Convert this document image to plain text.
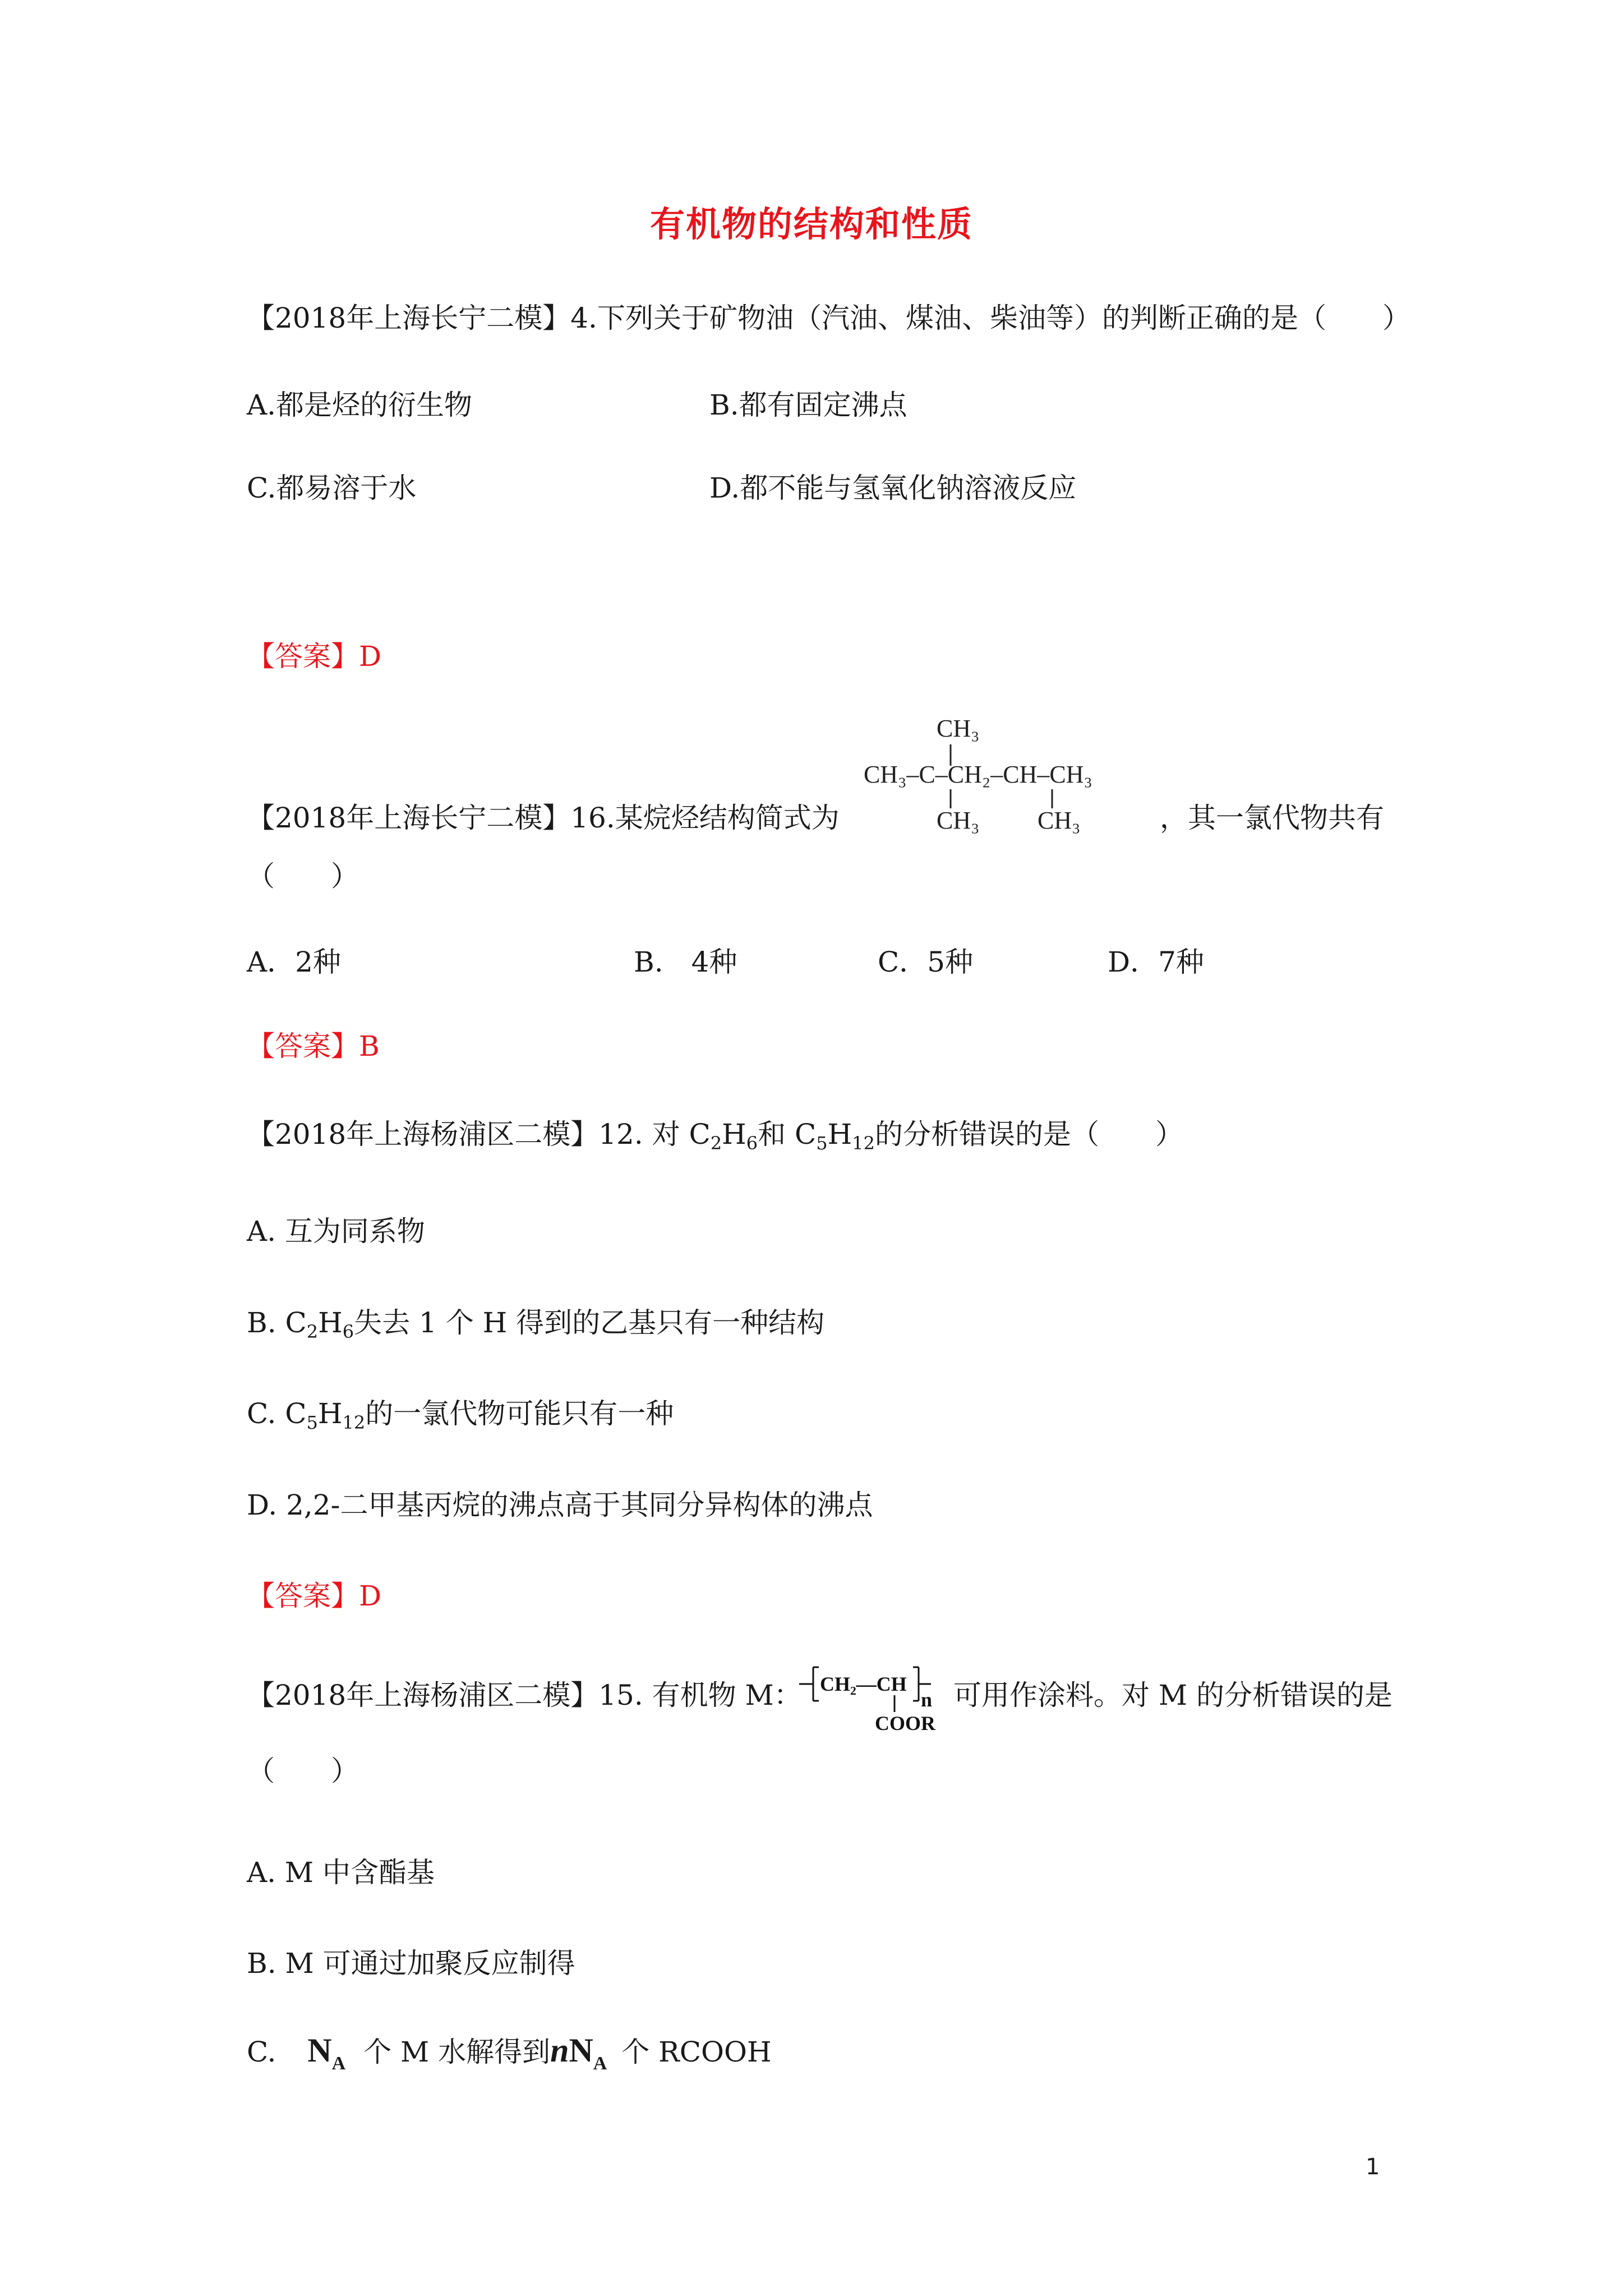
有机物的结构和性质
【2018年上海长宁二模】4.下列关于矿物油（汽油、煤油、柴油等）的判断正确的是（　　）
A.都是烃的衍生物	B.都有固定沸点
C.都易溶于水	D.都不能与氢氧化钠溶液反应
【答案】D
【2018年上海长宁二模】16.某烷烃结构简式为
CH₃
CH₃–C–CH₂–CH–CH₃
CH₃ CH₃	，其一氯代物共有
（　　）
A．2种	B.　4种	C．5种	D．7种
【答案】B
【2018年上海杨浦区二模】12. 对 $C_2H_6$和 $C_5H_{12}$的分析错误的是（　　）
A. 互为同系物
B. $C_2H_6$失去 1 个 H 得到的乙基只有一种结构
C. $C_5H_{12}$的一氯代物可能只有一种
D. 2,2-二甲基丙烷的沸点高于其同分异构体的沸点
【答案】D
【2018年上海杨浦区二模】15. 有机物 M： CH₂—CH
COOR
n 可用作涂料。对 M 的分析错误的是
（　　）
A. M 中含酯基
B. M 可通过加聚反应制得
C. $N_A$ 个 M 水解得到$nN_A$ 个 RCOOH
1
